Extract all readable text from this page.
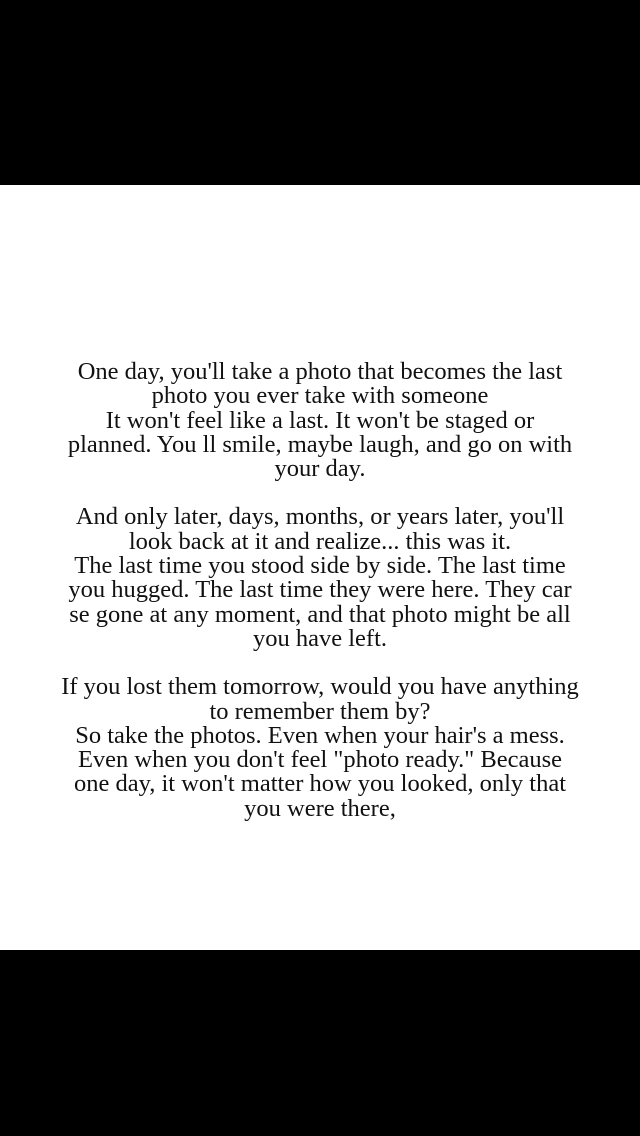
One day, you'll take a photo that becomes the last
photo you ever take with someone
It won't feel like a last. It won't be staged or
planned. You ll smile, maybe laugh, and go on with
your day.

And only later, days, months, or years later, you'll
look back at it and realize... this was it.
The last time you stood side by side. The last time
you hugged. The last time they were here. They car
se gone at any moment, and that photo might be all
you have left.

If you lost them tomorrow, would you have anything
to remember them by?
So take the photos. Even when your hair's a mess.
Even when you don't feel "photo ready." Because
one day, it won't matter how you looked, only that
you were there,
